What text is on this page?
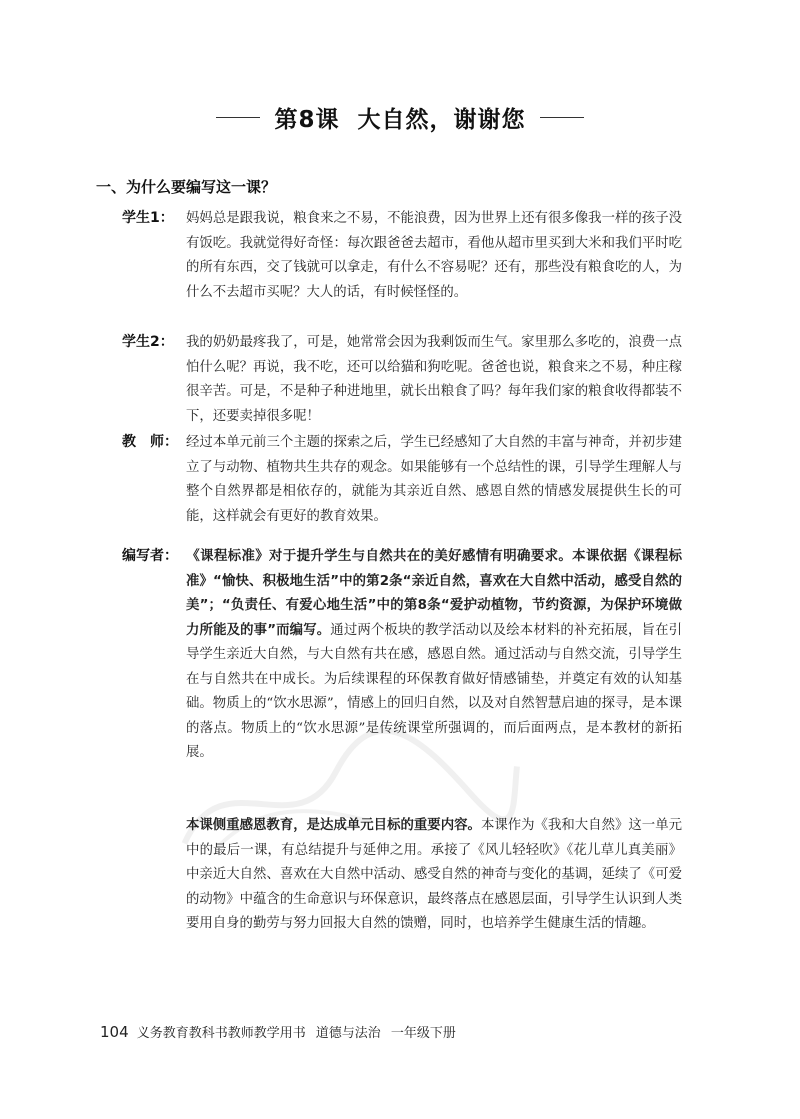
第8课 大自然，谢谢您
一、为什么要编写这一课？

学生1： 妈妈总是跟我说，粮食来之不易，不能浪费，因为世界上还有很多像我一样的孩子没有饭吃。我就觉得好奇怪：每次跟爸爸去超市，看他从超市里买到大米和我们平时吃的所有东西，交了钱就可以拿走，有什么不容易呢？还有，那些没有粮食吃的人，为什么不去超市买呢？大人的话，有时候怪怪的。

学生2： 我的奶奶最疼我了，可是，她常常会因为我剩饭而生气。家里那么多吃的，浪费一点怕什么呢？再说，我不吃，还可以给猫和狗吃呢。爸爸也说，粮食来之不易，种庄稼很辛苦。可是，不是种子种进地里，就长出粮食了吗？每年我们家的粮食收得都装不下，还要卖掉很多呢！

教　师： 经过本单元前三个主题的探索之后，学生已经感知了大自然的丰富与神奇，并初步建立了与动物、植物共生共存的观念。如果能够有一个总结性的课，引导学生理解人与整个自然界都是相依存的，就能为其亲近自然、感恩自然的情感发展提供生长的可能，这样就会有更好的教育效果。

编写者： 《课程标准》对于提升学生与自然共在的美好感情有明确要求。本课依据《课程标准》“愉快、积极地生活”中的第2条“亲近自然，喜欢在大自然中活动，感受自然的美”；“负责任、有爱心地生活”中的第8条“爱护动植物，节约资源，为保护环境做力所能及的事”而编写。通过两个板块的教学活动以及绘本材料的补充拓展，旨在引导学生亲近大自然，与大自然有共在感，感恩自然。通过活动与自然交流，引导学生在与自然共在中成长。为后续课程的环保教育做好情感铺垫，并奠定有效的认知基础。物质上的“饮水思源”，情感上的回归自然，以及对自然智慧启迪的探寻，是本课的落点。物质上的“饮水思源”是传统课堂所强调的，而后面两点，是本教材的新拓展。

本课侧重感恩教育，是达成单元目标的重要内容。本课作为《我和大自然》这一单元中的最后一课，有总结提升与延伸之用。承接了《风儿轻轻吹》《花儿草儿真美丽》中亲近大自然、喜欢在大自然中活动、感受自然的神奇与变化的基调，延续了《可爱的动物》中蕴含的生命意识与环保意识，最终落点在感恩层面，引导学生认识到人类要用自身的勤劳与努力回报大自然的馈赠，同时，也培养学生健康生活的情趣。
104 义务教育教科书教师教学用书 道德与法治 一年级下册
